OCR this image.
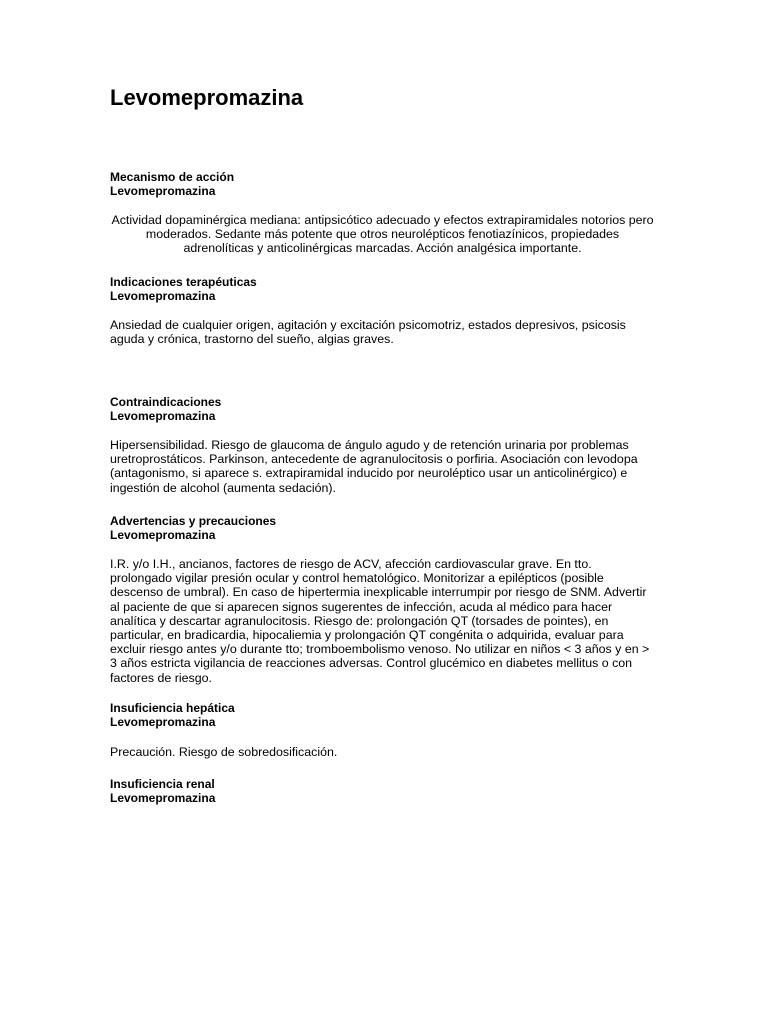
Levomepromazina

Mecanismo de acción

Levomepromazina

Actividad dopaminérgica mediana: antipsicótico adecuado y efectos extrapiramidales notorios pero moderados. Sedante más potente que otros neurolépticos fenotiazínicos, propiedades adrenolíticas y anticolinérgicas marcadas. Acción analgésica importante.

Indicaciones terapéuticas

Levomepromazina

Ansiedad de cualquier origen, agitación y excitación psicomotriz, estados depresivos, psicosis aguda y crónica, trastorno del sueño, algias graves.

Contraindicaciones

Levomepromazina

Hipersensibilidad. Riesgo de glaucoma de ángulo agudo y de retención urinaria por problemas uretroprostáticos. Parkinson, antecedente de agranulocitosis o porfiria. Asociación con levodopa (antagonismo, si aparece s. extrapiramidal inducido por neuroléptico usar un anticolinérgico) e ingestión de alcohol (aumenta sedación).

Advertencias y precauciones

Levomepromazina

I.R. y/o I.H., ancianos, factores de riesgo de ACV, afección cardiovascular grave. En tto. prolongado vigilar presión ocular y control hematológico. Monitorizar a epilépticos (posible descenso de umbral). En caso de hipertermia inexplicable interrumpir por riesgo de SNM. Advertir al paciente de que si aparecen signos sugerentes de infección, acuda al médico para hacer analítica y descartar agranulocitosis. Riesgo de: prolongación QT (torsades de pointes), en particular, en bradicardia, hipocaliemia y prolongación QT congénita o adquirida, evaluar para excluir riesgo antes y/o durante tto; tromboembolismo venoso. No utilizar en niños < 3 años y en > 3 años estricta vigilancia de reacciones adversas. Control glucémico en diabetes mellitus o con factores de riesgo.

Insuficiencia hepática

Levomepromazina

Precaución. Riesgo de sobredosificación.

Insuficiencia renal

Levomepromazina
